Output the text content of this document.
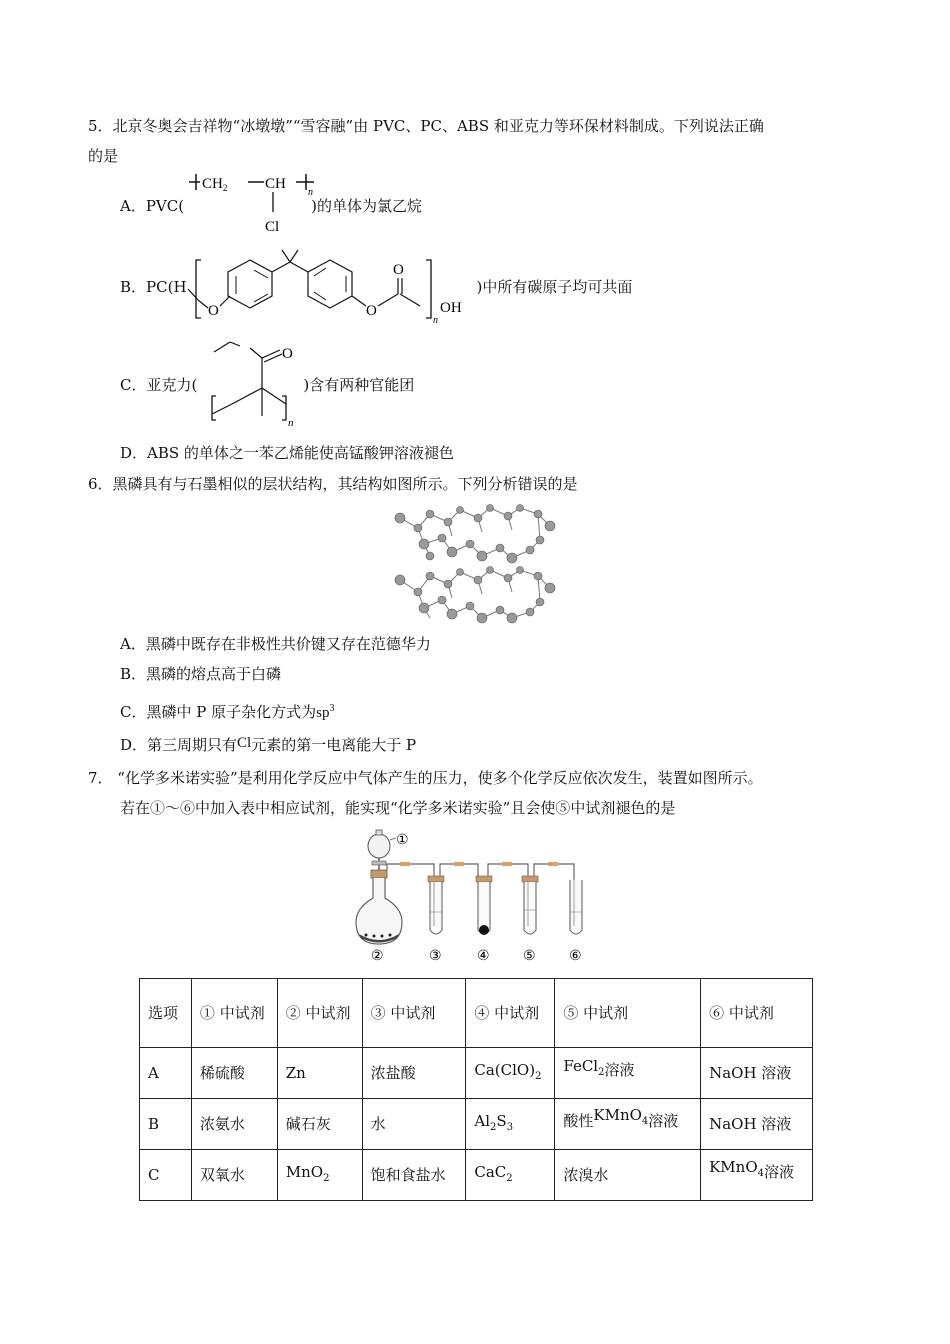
5．北京冬奥会吉祥物“冰墩墩”“雪容融”由 PVC、PC、ABS 和亚克力等环保材料制成。下列说法正确
的是
A．PVC(	)的单体为氯乙烷
$CH_2$	CH
n
Cl
B．PC(H	)中所有碳原子均可共面
O	O
O
n
OH
C．亚克力(	)含有两种官能团
O
n
D．ABS 的单体之一苯乙烯能使高锰酸钾溶液褪色
6．黑磷具有与石墨相似的层状结构，其结构如图所示。下列分析错误的是
A．黑磷中既存在非极性共价键又存在范德华力
B．黑磷的熔点高于白磷
C．黑磷中 P 原子杂化方式为$sp^3$
D．第三周期只有Cl元素的第一电离能大于 P
7． “化学多米诺实验”是利用化学反应中气体产生的压力，使多个化学反应依次发生，装置如图所示。
若在①～⑥中加入表中相应试剂，能实现“化学多米诺实验”且会使⑤中试剂褪色的是
①
②	③	④ ⑤ ⑥
选项	① 中试剂	② 中试剂	③ 中试剂	④ 中试剂	⑤ 中试剂	⑥ 中试剂
A	稀硫酸	Zn	浓盐酸	$Ca(ClO)_2$	FeCl$_2$溶液	NaOH 溶液
B	浓氨水	碱石灰	水	$Al_2S_3$	酸性KMnO$_4$溶液	NaOH 溶液
C	双氧水	MnO$_2$	饱和食盐水	CaC$_2$	浓溴水	KMnO$_4$溶液
